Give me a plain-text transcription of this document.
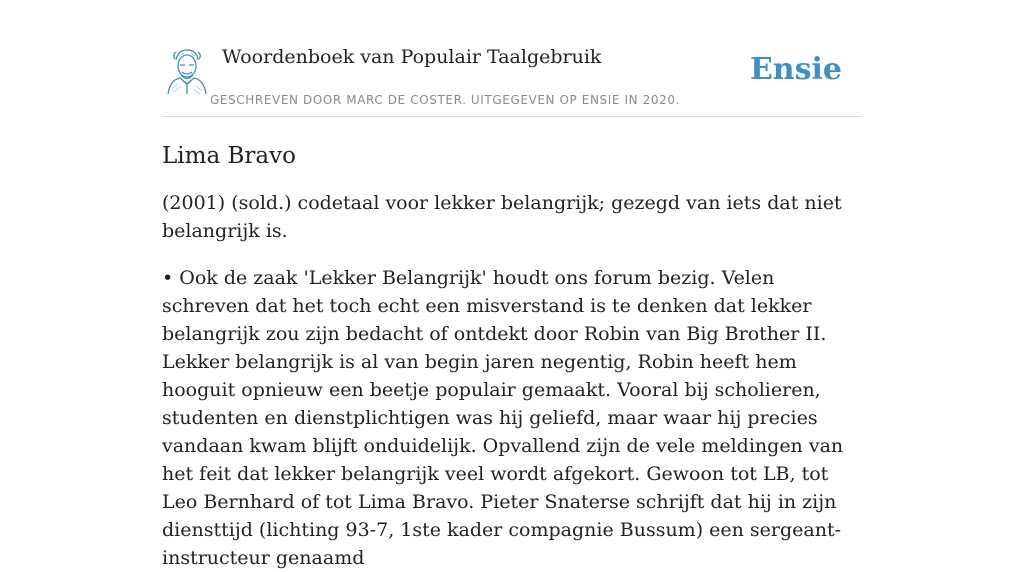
Woordenboek van Populair Taalgebruik
GESCHREVEN DOOR MARC DE COSTER. UITGEGEVEN OP ENSIE IN 2020.
Ensie
Lima Bravo

(2001) (sold.) codetaal voor lekker belangrijk; gezegd van iets dat niet belangrijk is.

• Ook de zaak 'Lekker Belangrijk' houdt ons forum bezig. Velen schreven dat het toch echt een misverstand is te denken dat lekker belangrijk zou zijn bedacht of ontdekt door Robin van Big Brother II. Lekker belangrijk is al van begin jaren negentig, Robin heeft hem hooguit opnieuw een beetje populair gemaakt. Vooral bij scholieren, studenten en dienstplichtigen was hij geliefd, maar waar hij precies vandaan kwam blijft onduidelijk. Opvallend zijn de vele meldingen van het feit dat lekker belangrijk veel wordt afgekort. Gewoon tot LB, tot Leo Bernhard of tot Lima Bravo. Pieter Snaterse schrijft dat hij in zijn diensttijd (lichting 93-7, 1ste kader compagnie Bussum) een sergeant-instructeur genaamd
